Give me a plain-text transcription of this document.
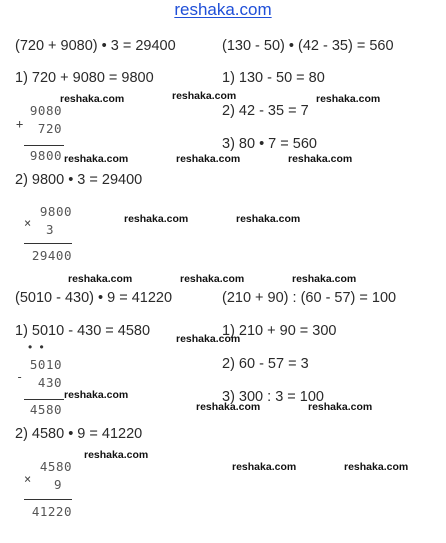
reshaka.com
(720 + 9080) • 3 = 29400
1) 720 + 9080 = 9800
+
9080
720
9800
2) 9800 • 3 = 29400
×
9800
3
29400
(130 - 50) • (42 - 35) = 560
1) 130 - 50 = 80
2) 42 - 35 = 7
3) 80 • 7 = 560
(5010 - 430) • 9 = 41220
1) 5010 - 430 = 4580
• •
-
5010
430
4580
2) 4580 • 9 = 41220
×
4580
9
41220
(210 + 90) : (60 - 57) = 100
1) 210 + 90 = 300
2) 60 - 57 = 3
3) 300 : 3 = 100
reshaka.com	reshaka.com	reshaka.com
reshaka.com	reshaka.com	reshaka.com
reshaka.com	reshaka.com
reshaka.com	reshaka.com	reshaka.com
reshaka.com
reshaka.com
reshaka.com	reshaka.com
reshaka.com
reshaka.com	reshaka.com
